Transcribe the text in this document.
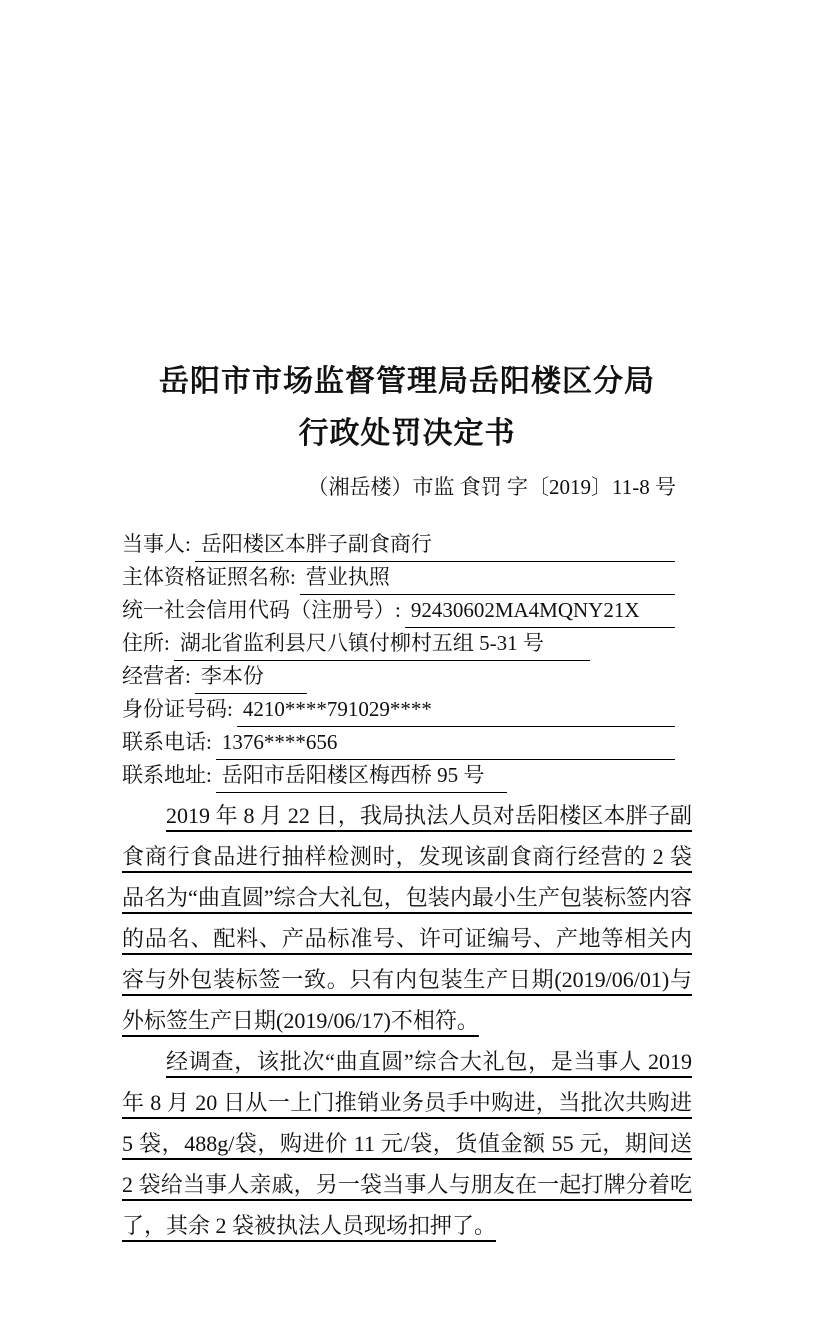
岳阳市市场监督管理局岳阳楼区分局
行政处罚决定书
（湘岳楼）市监 食罚 字〔2019〕11-8 号
当事人: 岳阳楼区本胖子副食商行
主体资格证照名称: 营业执照
统一社会信用代码（注册号）: 92430602MA4MQNY21X
住所: 湖北省监利县尺八镇付柳村五组 5-31 号
经营者: 李本份
身份证号码: 4210****791029****
联系电话: 1376****656
联系地址: 岳阳市岳阳楼区梅西桥 95 号

2019 年 8 月 22 日，我局执法人员对岳阳楼区本胖子副食商行食品进行抽样检测时，发现该副食商行经营的 2 袋品名为“曲直圆”综合大礼包，包装内最小生产包装标签内容的品名、配料、产品标准号、许可证编号、产地等相关内容与外包装标签一致。只有内包装生产日期(2019/06/01)与外标签生产日期(2019/06/17)不相符。

经调查，该批次“曲直圆”综合大礼包，是当事人 2019 年 8 月 20 日从一上门推销业务员手中购进，当批次共购进 5 袋，488g/袋，购进价 11 元/袋，货值金额 55 元，期间送 2 袋给当事人亲戚，另一袋当事人与朋友在一起打牌分着吃了，其余 2 袋被执法人员现场扣押了。
